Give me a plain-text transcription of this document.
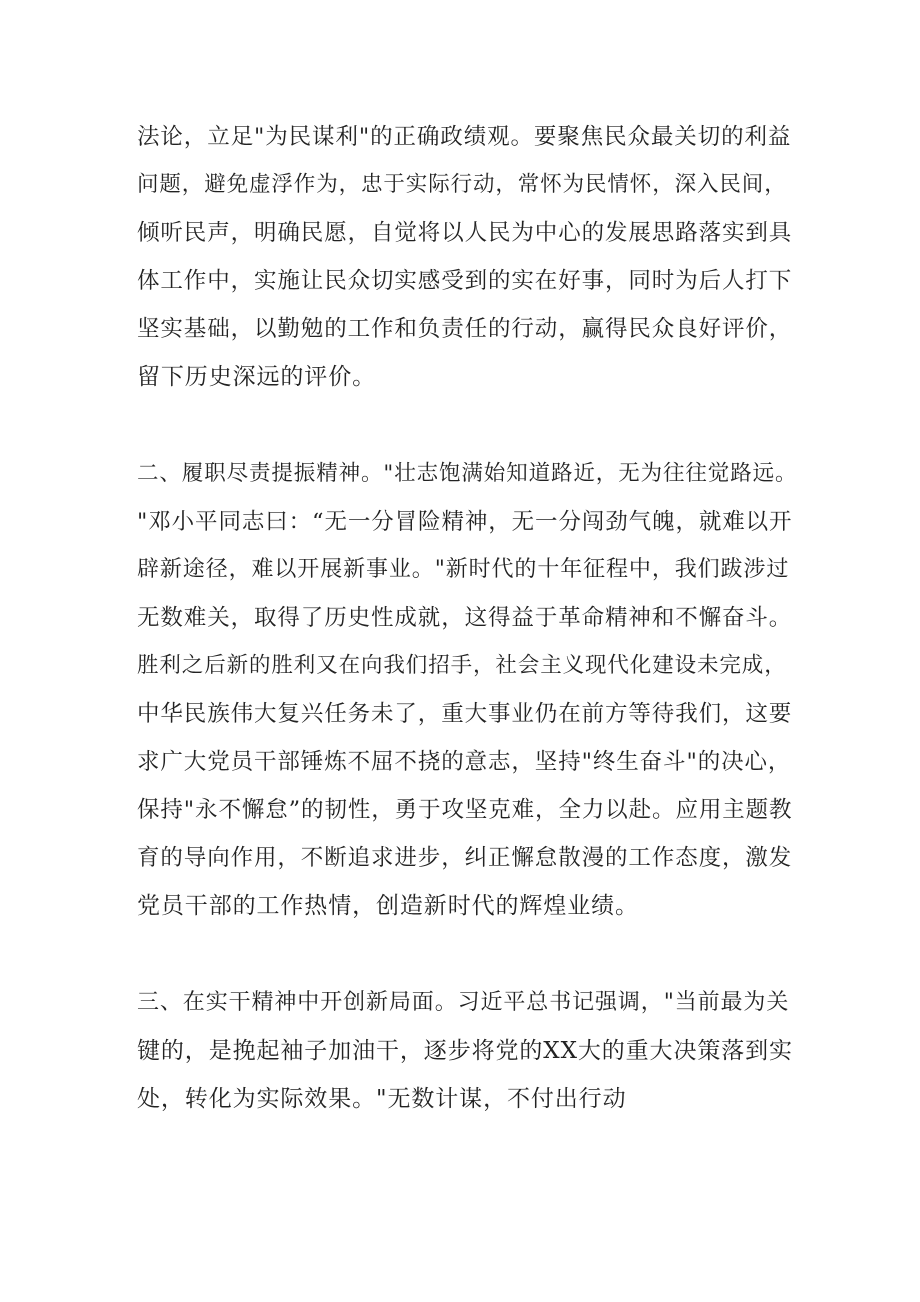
法论，立足"为民谋利"的正确政绩观。要聚焦民众最关切的利益
问题，避免虚浮作为，忠于实际行动，常怀为民情怀，深入民间，
倾听民声，明确民愿，自觉将以人民为中心的发展思路落实到具
体工作中，实施让民众切实感受到的实在好事，同时为后人打下
坚实基础，以勤勉的工作和负责任的行动，赢得民众良好评价，
留下历史深远的评价。
二、履职尽责提振精神。"壮志饱满始知道路近，无为往往觉路远。
"邓小平同志曰：“无一分冒险精神，无一分闯劲气魄，就难以开
辟新途径，难以开展新事业。"新时代的十年征程中，我们跋涉过
无数难关，取得了历史性成就，这得益于革命精神和不懈奋斗。
胜利之后新的胜利又在向我们招手，社会主义现代化建设未完成，
中华民族伟大复兴任务未了，重大事业仍在前方等待我们，这要
求广大党员干部锤炼不屈不挠的意志，坚持"终生奋斗"的决心，
保持"永不懈怠”的韧性，勇于攻坚克难，全力以赴。应用主题教
育的导向作用，不断追求进步，纠正懈怠散漫的工作态度，激发
党员干部的工作热情，创造新时代的辉煌业绩。
三、在实干精神中开创新局面。习近平总书记强调，"当前最为关
键的，是挽起袖子加油干，逐步将党的XX大的重大决策落到实
处，转化为实际效果。"无数计谋，不付出行动
